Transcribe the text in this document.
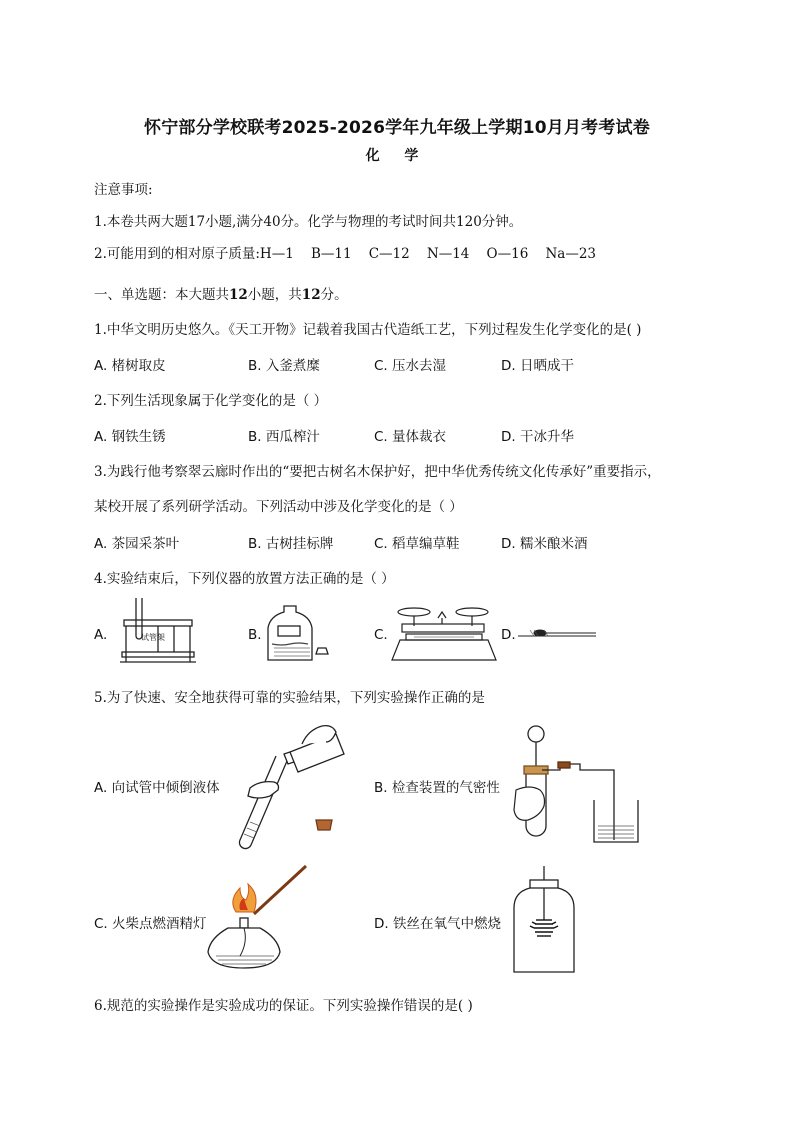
怀宁部分学校联考2025-2026学年九年级上学期10月月考考试卷
化 学
注意事项:
1.本卷共两大题17小题,满分40分。化学与物理的考试时间共120分钟。
2.可能用到的相对原子质量:H—1    B—11    C—12    N—14    O—16    Na—23
一、单选题：本大题共12小题，共12分。
1.中华文明历史悠久。《天工开物》记载着我国古代造纸工艺，下列过程发生化学变化的是( )
A. 楮树取皮	B. 入釜煮糜	C. 压水去湿	D. 日晒成干
2.下列生活现象属于化学变化的是（ ）
A. 钢铁生锈	B. 西瓜榨汁	C. 量体裁衣	D. 干冰升华
3.为践行他考察翠云廊时作出的“要把古树名木保护好，把中华优秀传统文化传承好”重要指示，
某校开展了系列研学活动。下列活动中涉及化学变化的是（ ）
A. 茶园采茶叶	B. 古树挂标牌	C. 稻草编草鞋	D. 糯米酿米酒
4.实验结束后，下列仪器的放置方法正确的是（ ）
A.	B.	C.	D.
试管架
5.为了快速、安全地获得可靠的实验结果，下列实验操作正确的是
A. 向试管中倾倒液体	B. 检查装置的气密性
C. 火柴点燃酒精灯	D. 铁丝在氧气中燃烧
6.规范的实验操作是实验成功的保证。下列实验操作错误的是( )
